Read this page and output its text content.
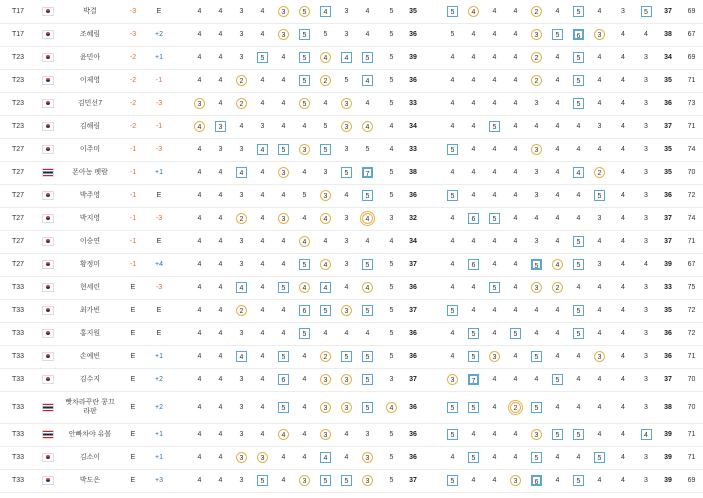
T17		박결	-3	E		4	4	3	4	3	5	4	3	4	5	35		5	4	4	4	2	4	5	4	3	5	37	69		
T17		조혜림	-3	+2		4	4	3	4	3	5	5	3	4	5	36		5	4	4	4	3	5	6	3	4	4	38	67		
T23		윤민아	-2	+1		4	4	3	5	4	5	4	4	5	5	39		4	4	4	4	2	4	5	4	4	3	34	69		
T23		이제영	-2	-1		4	4	2	4	4	5	2	5	4	5	36		4	4	4	4	2	4	5	4	4	3	35	71		
T23		김민선7	-2	-3		3	4	2	4	4	5	4	3	4	5	33		4	4	4	4	3	4	5	4	4	3	36	73		
T23		김해림	-2	-1		4	3	4	3	4	4	5	3	4	4	34		4	4	5	4	4	4	4	3	4	3	37	71		
T27		이주미	-1	-3		4	3	3	4	5	3	5	3	5	4	33		5	4	4	4	3	4	4	4	4	3	35	74		
T27		폰아농 펫람	-1	+1		4	4	4	4	3	4	3	5	7	5	38		4	4	4	4	3	4	4	2	4	3	35	70		
T27		박주영	-1	E		4	4	3	4	4	5	3	4	5	5	36		5	4	4	4	3	4	4	5	4	3	36	72		
T27		박지영	-1	-3		4	4	2	4	3	4	4	3	4	3	32		4	6	5	4	4	4	4	3	4	3	37	74		
T27		이승연	-1	E		4	4	3	4	4	4	4	3	4	4	34		4	4	4	4	3	4	5	4	4	3	37	71		
T27		황정미	-1	+4		4	4	3	4	4	5	4	3	5	5	37		4	6	4	4	5	4	5	3	4	4	39	67		
T33		현세린	E	-3		4	4	4	4	5	4	4	4	4	5	36		4	4	5	4	3	2	4	4	4	3	33	75		
T33		최가빈	E	E		4	4	2	4	4	6	5	3	5	5	37		5	4	4	4	4	4	5	4	4	3	35	72		
T33		홍지원	E	E		4	4	3	4	4	5	4	4	4	5	36		4	5	4	5	4	4	5	4	4	3	36	72		
T33		손예빈	E	+1		4	4	4	4	5	4	2	5	5	5	36		4	5	3	4	5	4	4	3	4	3	36	71		
T33		김수지	E	+2		4	4	3	4	6	4	3	3	5	3	37		3	7	4	4	4	5	4	4	4	3	37	70		
T33		빳차라꾸란 콩끄
라판	E	+2		4	4	3	4	5	4	3	3	5	4	36		5	5	4	2	5	4	4	4	4	3	38	70		
T33		안빠차야 유볼	E	+1		4	4	3	4	4	4	3	4	3	5	36		5	4	4	4	3	5	5	4	4	4	39	71		
T33		김소이	E	+1		4	4	3	3	4	4	4	4	3	5	36		4	5	4	4	5	4	4	5	4	3	39	71		
T33		박도은	E	+3		4	4	3	5	4	3	5	5	3	5	37		5	4	4	3	6	4	5	4	4	3	39	69		
